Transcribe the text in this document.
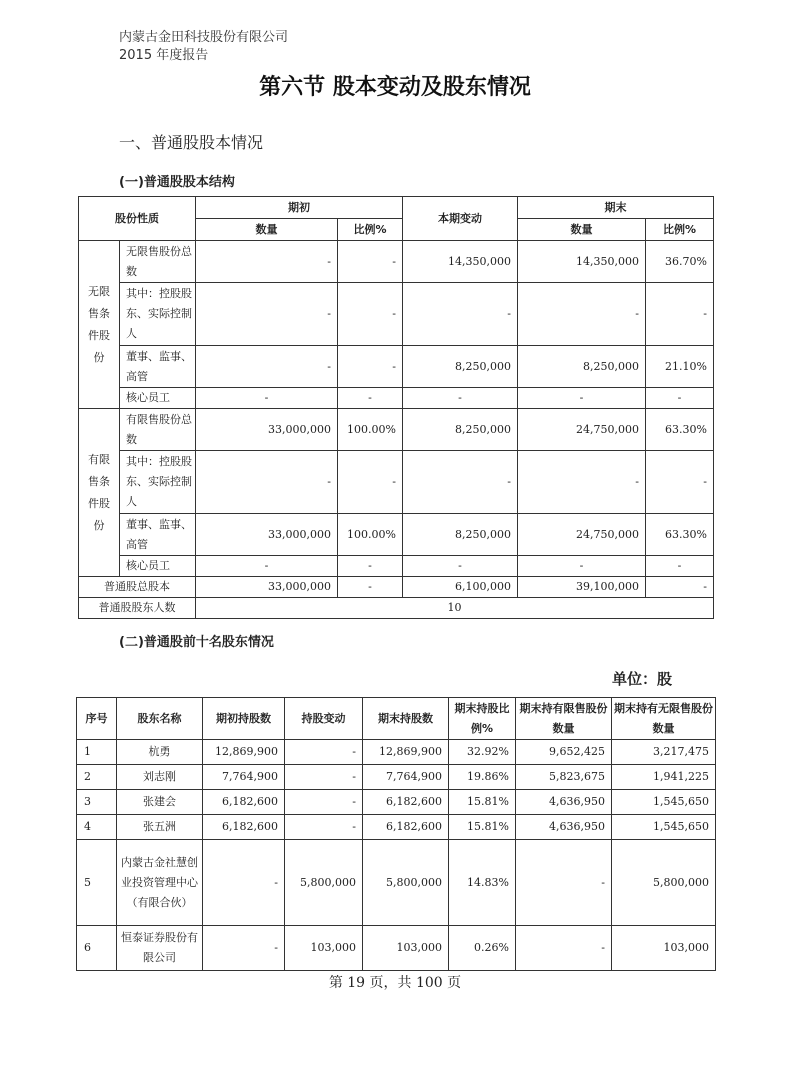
内蒙古金田科技股份有限公司
2015 年度报告
第六节 股本变动及股东情况
一、普通股股本情况
(一)普通股股本结构
股份性质		期初		本期变动	期末	
		数量	比例%		数量	比例%
无限售条件股份	无限售股份总数	-	-	14,350,000	14,350,000	36.70%
	其中：控股股东、实际控制人	-	-	-	-	-
	董事、监事、高管	-	-	8,250,000	8,250,000	21.10%
	核心员工	-	-	-	-	-
有限售条件股份	有限售股份总数	33,000,000	100.00%	8,250,000	24,750,000	63.30%
	其中：控股股东、实际控制人	-	-	-	-	-
	董事、监事、高管	33,000,000	100.00%	8,250,000	24,750,000	63.30%
	核心员工	-	-	-	-	-
普通股总股本		33,000,000	-	6,100,000	39,100,000	-
普通股股东人数		10				
(二)普通股前十名股东情况
单位：股
序号	股东名称	期初持股数	持股变动	期末持股数	期末持股比例%	期末持有限售股份数量	期末持有无限售股份数量
1	杭勇	12,869,900	-	12,869,900	32.92%	9,652,425	3,217,475
2	刘志刚	7,764,900	-	7,764,900	19.86%	5,823,675	1,941,225
3	张建会	6,182,600	-	6,182,600	15.81%	4,636,950	1,545,650
4	张五洲	6,182,600	-	6,182,600	15.81%	4,636,950	1,545,650
5	内蒙古金社慧创业投资管理中心（有限合伙）	-	5,800,000	5,800,000	14.83%	-	5,800,000
6	恒泰证券股份有限公司	-	103,000	103,000	0.26%	-	103,000
第 19 页，共 100 页
